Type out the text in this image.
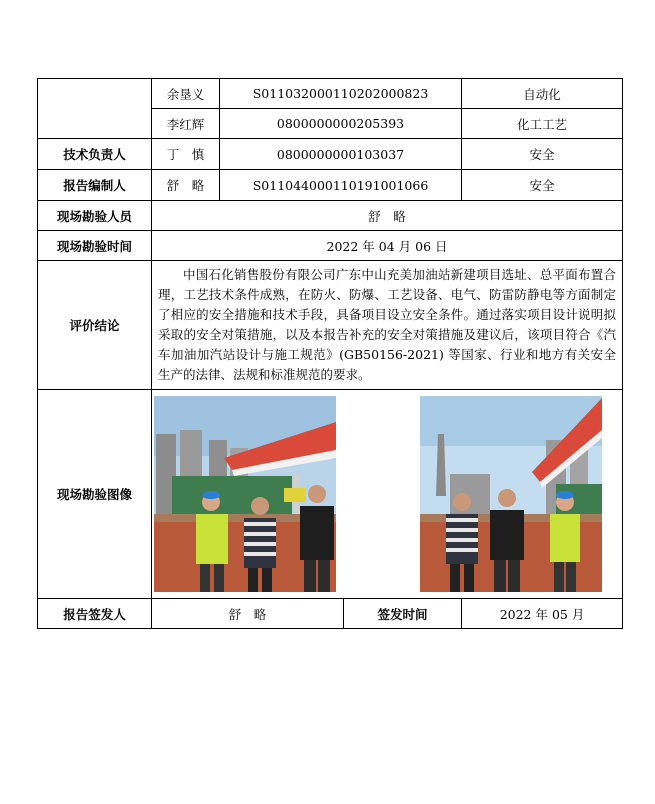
	余垦义	S011032000110202000823		自动化
	李红辉	0800000000205393		化工工艺
技术负责人	丁　慎	0800000000103037		安全
报告编制人	舒　略	S011044000110191001066		安全
现场勘验人员	舒　略			
现场勘验时间	2022 年 04 月 06 日			
评价结论	中国石化销售股份有限公司广东中山充美加油站新建项目选址、总平面布置合理，工艺技术条件成熟，在防火、防爆、工艺设备、电气、防雷防静电等方面制定了相应的安全措施和技术手段，具备项目设立安全条件。通过落实项目设计说明拟采取的安全对策措施，以及本报告补充的安全对策措施及建议后，该项目符合《汽车加油加汽站设计与施工规范》(GB50156-2021) 等国家、行业和地方有关安全生产的法律、法规和标准规范的要求。			

现场勘验图像	

报告签发人	舒　略		签发时间	2022 年 05 月
